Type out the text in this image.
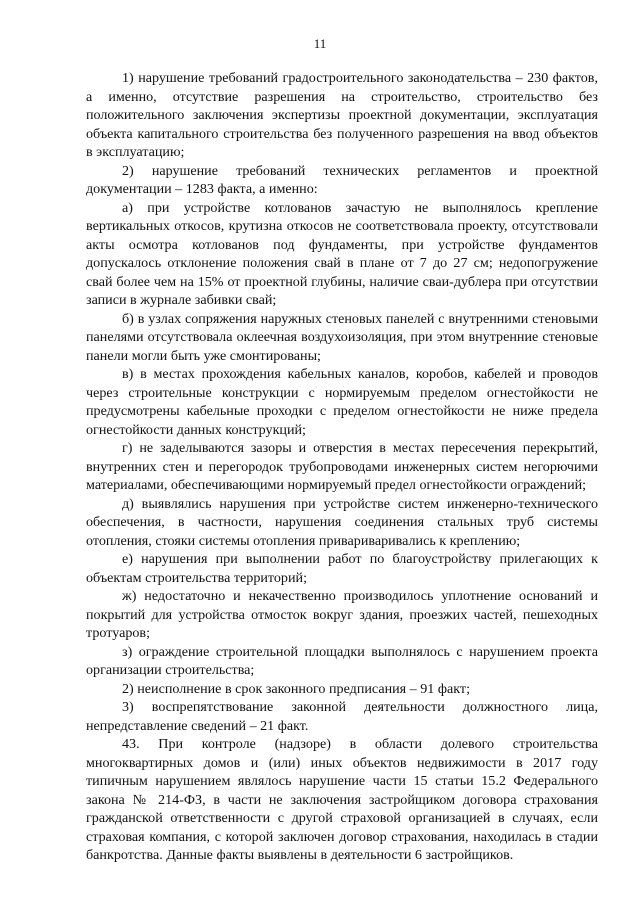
11

1) нарушение требований градостроительного законодательства – 230 фактов, а именно, отсутствие разрешения на строительство, строительство без положительного заключения экспертизы проектной документации, эксплуатация объекта капитального строительства без полученного разрешения на ввод объектов в эксплуатацию;

2) нарушение требований технических регламентов и проектной документации – 1283 факта, а именно:

а) при устройстве котлованов зачастую не выполнялось крепление вертикальных откосов, крутизна откосов не соответствовала проекту, отсутствовали акты осмотра котлованов под фундаменты, при устройстве фундаментов допускалось отклонение положения свай в плане от 7 до 27 см; недопогружение свай более чем на 15% от проектной глубины, наличие сваи-дублера при отсутствии записи в журнале забивки свай;

б) в узлах сопряжения наружных стеновых панелей с внутренними стеновыми панелями отсутствовала оклеечная воздухоизоляция, при этом внутренние стеновые панели могли быть уже смонтированы;

в) в местах прохождения кабельных каналов, коробов, кабелей и проводов через строительные конструкции с нормируемым пределом огнестойкости не предусмотрены кабельные проходки с пределом огнестойкости не ниже предела огнестойкости данных конструкций;

г) не заделываются зазоры и отверстия в местах пересечения перекрытий, внутренних стен и перегородок трубопроводами инженерных систем негорючими материалами, обеспечивающими нормируемый предел огнестойкости ограждений;

д) выявлялись нарушения при устройстве систем инженерно-технического обеспечения, в частности, нарушения соединения стальных труб системы отопления, стояки системы отопления привариваривались к креплению;

е) нарушения при выполнении работ по благоустройству прилегающих к объектам строительства территорий;

ж) недостаточно и некачественно производилось уплотнение оснований и покрытий для устройства отмосток вокруг здания, проезжих частей, пешеходных тротуаров;

з) ограждение строительной площадки выполнялось с нарушением проекта организации строительства;

2) неисполнение в срок законного предписания – 91 факт;

3) воспрепятствование законной деятельности должностного лица, непредставление сведений – 21 факт.

43. При контроле (надзоре) в области долевого строительства многоквартирных домов и (или) иных объектов недвижимости в 2017 году типичным нарушением являлось нарушение части 15 статьи 15.2 Федерального закона № 214-ФЗ, в части не заключения застройщиком договора страхования гражданской ответственности с другой страховой организацией в случаях, если страховая компания, с которой заключен договор страхования, находилась в стадии банкротства. Данные факты выявлены в деятельности 6 застройщиков.
